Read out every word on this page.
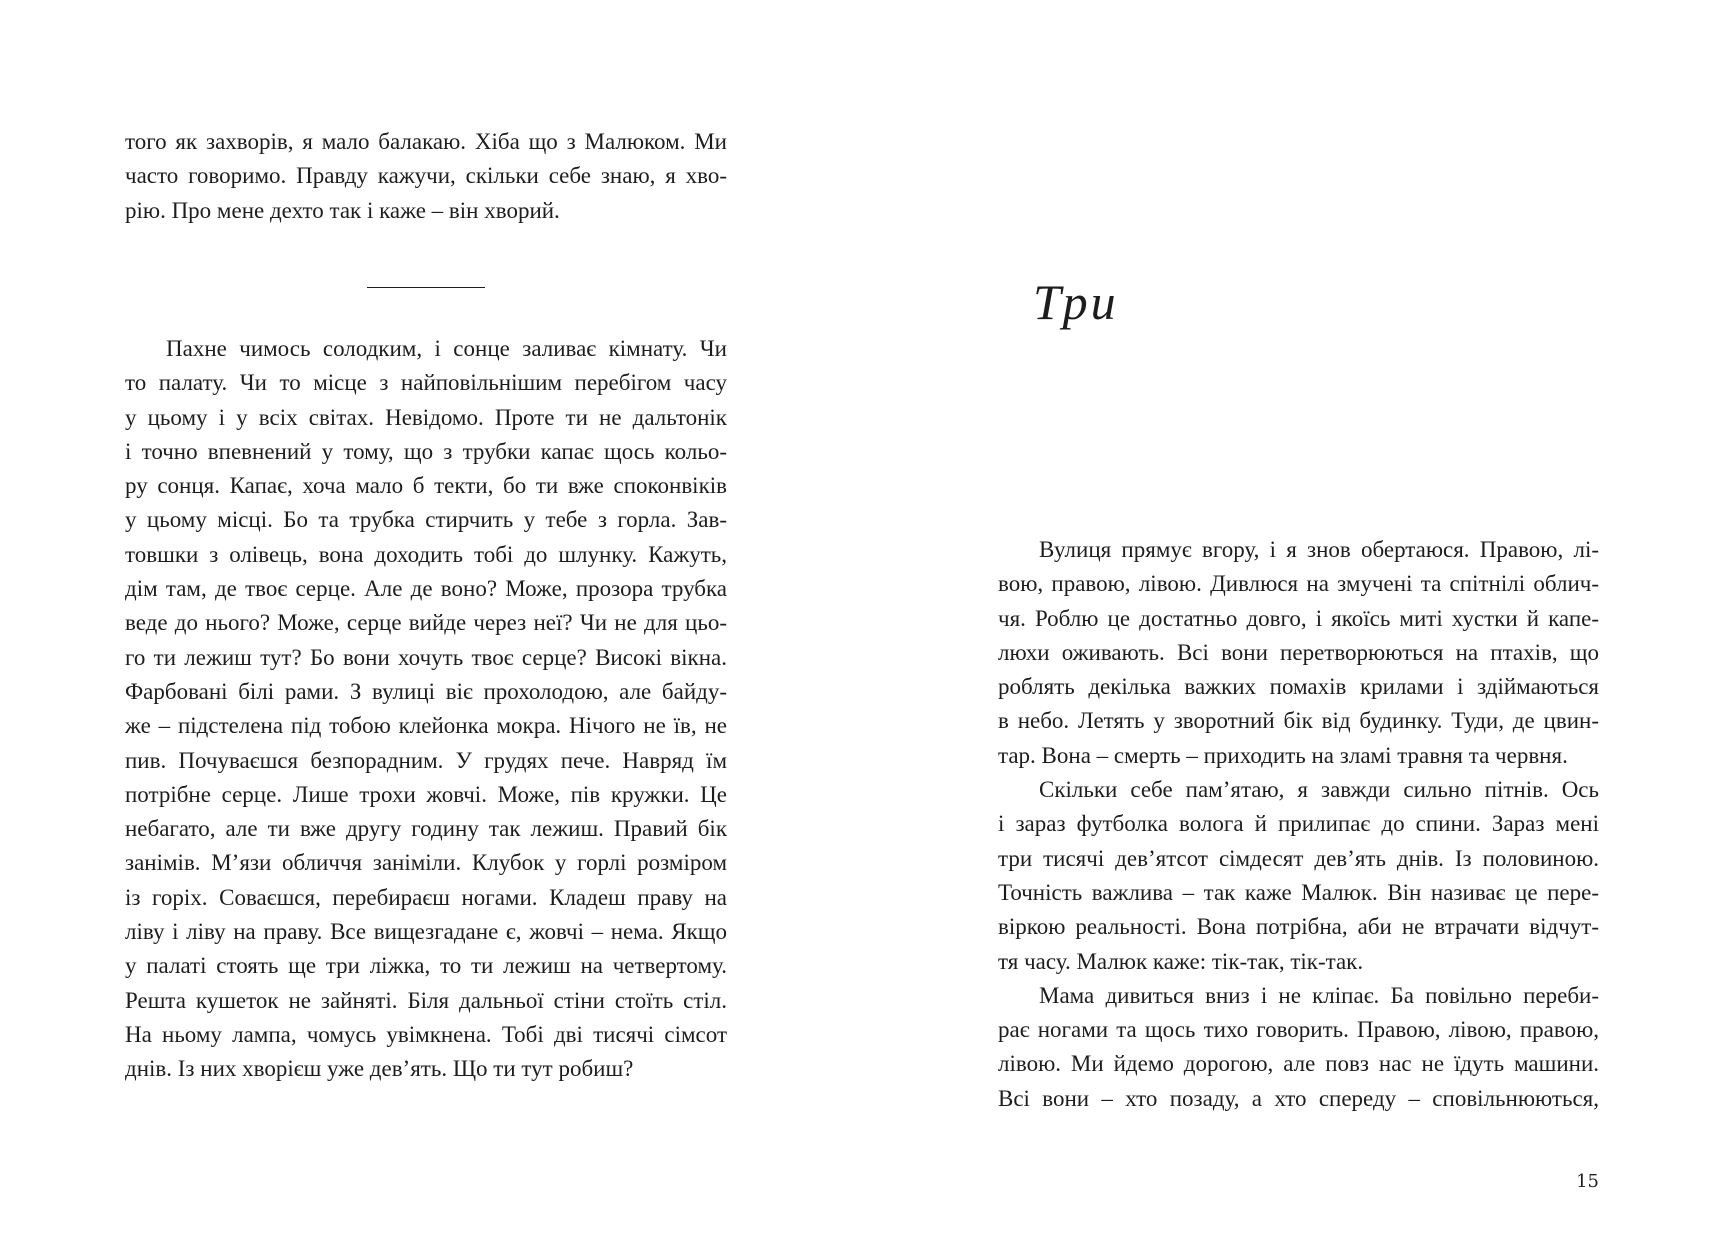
того як захворів, я мало балакаю. Хіба що з Малюком. Ми
часто говоримо. Правду кажучи, скільки себе знаю, я хво-
рію. Про мене дехто так і каже – він хворий.
Пахне чимось солодким, і сонце заливає кімнату. Чи
то палату. Чи то місце з найповільнішим перебігом часу
у цьому і у всіх світах. Невідомо. Проте ти не дальтонік
і точно впевнений у тому, що з трубки капає щось кольо-
ру сонця. Капає, хоча мало б текти, бо ти вже споконвіків
у цьому місці. Бо та трубка стирчить у тебе з горла. Зав-
товшки з олівець, вона доходить тобі до шлунку. Кажуть,
дім там, де твоє серце. Але де воно? Може, прозора трубка
веде до нього? Може, серце вийде через неї? Чи не для цьо-
го ти лежиш тут? Бо вони хочуть твоє серце? Високі вікна.
Фарбовані білі рами. З вулиці віє прохолодою, але байду-
же – підстелена під тобою клейонка мокра. Нічого не їв, не
пив. Почуваєшся безпорадним. У грудях пече. Навряд їм
потрібне серце. Лише трохи жовчі. Може, пів кружки. Це
небагато, але ти вже другу годину так лежиш. Правий бік
занімів. М’язи обличчя заніміли. Клубок у горлі розміром
із горіх. Соваєшся, перебираєш ногами. Кладеш праву на
ліву і ліву на праву. Все вищезгадане є, жовчі – нема. Якщо
у палаті стоять ще три ліжка, то ти лежиш на четвертому.
Решта кушеток не зайняті. Біля дальньої стіни стоїть стіл.
На ньому лампа, чомусь увімкнена. Тобі дві тисячі сімсот
днів. Із них хворієш уже дев’ять. Що ти тут робиш?
Три
Вулиця прямує вгору, і я знов обертаюся. Правою, лі-
вою, правою, лівою. Дивлюся на змучені та спітнілі облич-
чя. Роблю це достатньо довго, і якоїсь миті хустки й капе-
люхи оживають. Всі вони перетворюються на птахів, що
роблять декілька важких помахів крилами і здіймаються
в небо. Летять у зворотний бік від будинку. Туди, де цвин-
тар. Вона – смерть – приходить на зламі травня та червня.
Скільки себе пам’ятаю, я завжди сильно пітнів. Ось
і зараз футболка волога й прилипає до спини. Зараз мені
три тисячі дев’ятсот сімдесят дев’ять днів. Із половиною.
Точність важлива – так каже Малюк. Він називає це пере-
віркою реальності. Вона потрібна, аби не втрачати відчут-
тя часу. Малюк каже: тік-так, тік-так.
Мама дивиться вниз і не кліпає. Ба повільно переби-
рає ногами та щось тихо говорить. Правою, лівою, правою,
лівою. Ми йдемо дорогою, але повз нас не їдуть машини.
Всі вони – хто позаду, а хто спереду – сповільнюються,
15
